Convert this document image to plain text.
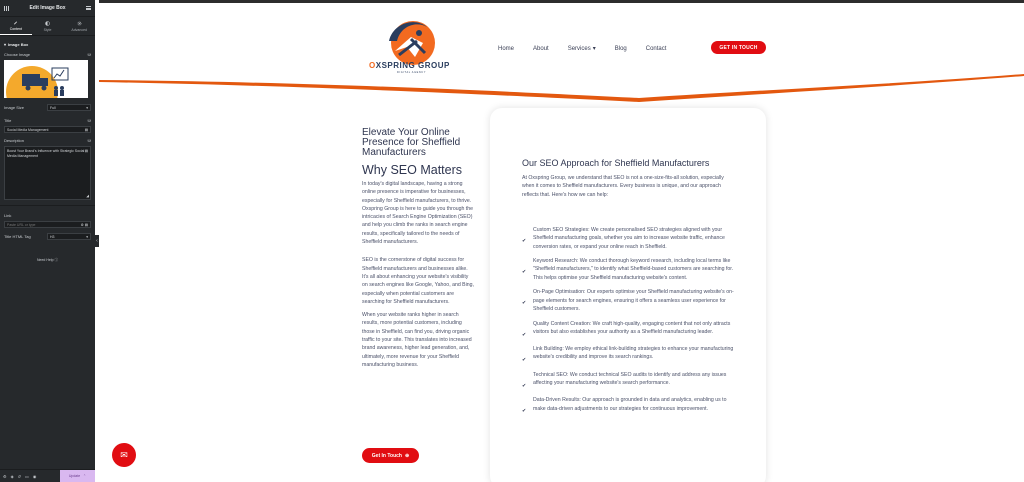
Edit Image Box
Content	Style	Advanced
▾ Image Box
Choose Image	⛁
Image Size	Full	▾
Title	⛁
Social Media Management	▤
Description	⛁
Boost Your Brand's Influence with Strategic Social Media Management
▤
◢
Link
Paste URL or type	⚙ ▤
Title HTML Tag	H3	▾
Need Help ⓘ
⚙ ◈ ↺ ▭ ◉	Update ⌃
‹
OXSPRING GROUP
DIGITAL AGENCY
Home	About	Services ▾	Blog	Contact	GET IN TOUCH
Elevate Your Online Presence for Sheffield Manufacturers
Why SEO Matters

In today's digital landscape, having a strong online presence is imperative for businesses, especially for Sheffield manufacturers, to thrive. Oxspring Group is here to guide you through the intricacies of Search Engine Optimization (SEO) and help you climb the ranks in search engine results, specifically tailored to the needs of Sheffield manufacturers.

SEO is the cornerstone of digital success for Sheffield manufacturers and businesses alike. It's all about enhancing your website's visibility on search engines like Google, Yahoo, and Bing, especially when potential customers are searching for Sheffield manufacturers.

When your website ranks higher in search results, more potential customers, including those in Sheffield, can find you, driving organic traffic to your site. This translates into increased brand awareness, higher lead generation, and, ultimately, more revenue for your Sheffield manufacturing business.

Get In Touch ⊕
Our SEO Approach for Sheffield Manufacturers
At Oxspring Group, we understand that SEO is not a one-size-fits-all solution, especially when it comes to Sheffield manufacturers. Every business is unique, and our approach reflects that. Here's how we can help:
✔
Custom SEO Strategies: We create personalised SEO strategies aligned with your Sheffield manufacturing goals, whether you aim to increase website traffic, enhance conversion rates, or expand your online reach in Sheffield.
✔
Keyword Research: We conduct thorough keyword research, including local terms like "Sheffield manufacturers," to identify what Sheffield-based customers are searching for. This helps optimise your Sheffield manufacturing website's content.
✔
On-Page Optimisation: Our experts optimise your Sheffield manufacturing website's on-page elements for search engines, ensuring it offers a seamless user experience for Sheffield customers.
✔
Quality Content Creation: We craft high-quality, engaging content that not only attracts visitors but also establishes your authority as a Sheffield manufacturing leader.
✔
Link Building: We employ ethical link-building strategies to enhance your manufacturing website's credibility and improve its search rankings.
✔
Technical SEO: We conduct technical SEO audits to identify and address any issues affecting your manufacturing website's search performance.
✔
Data-Driven Results: Our approach is grounded in data and analytics, enabling us to make data-driven adjustments to our strategies for continuous improvement.
✉
